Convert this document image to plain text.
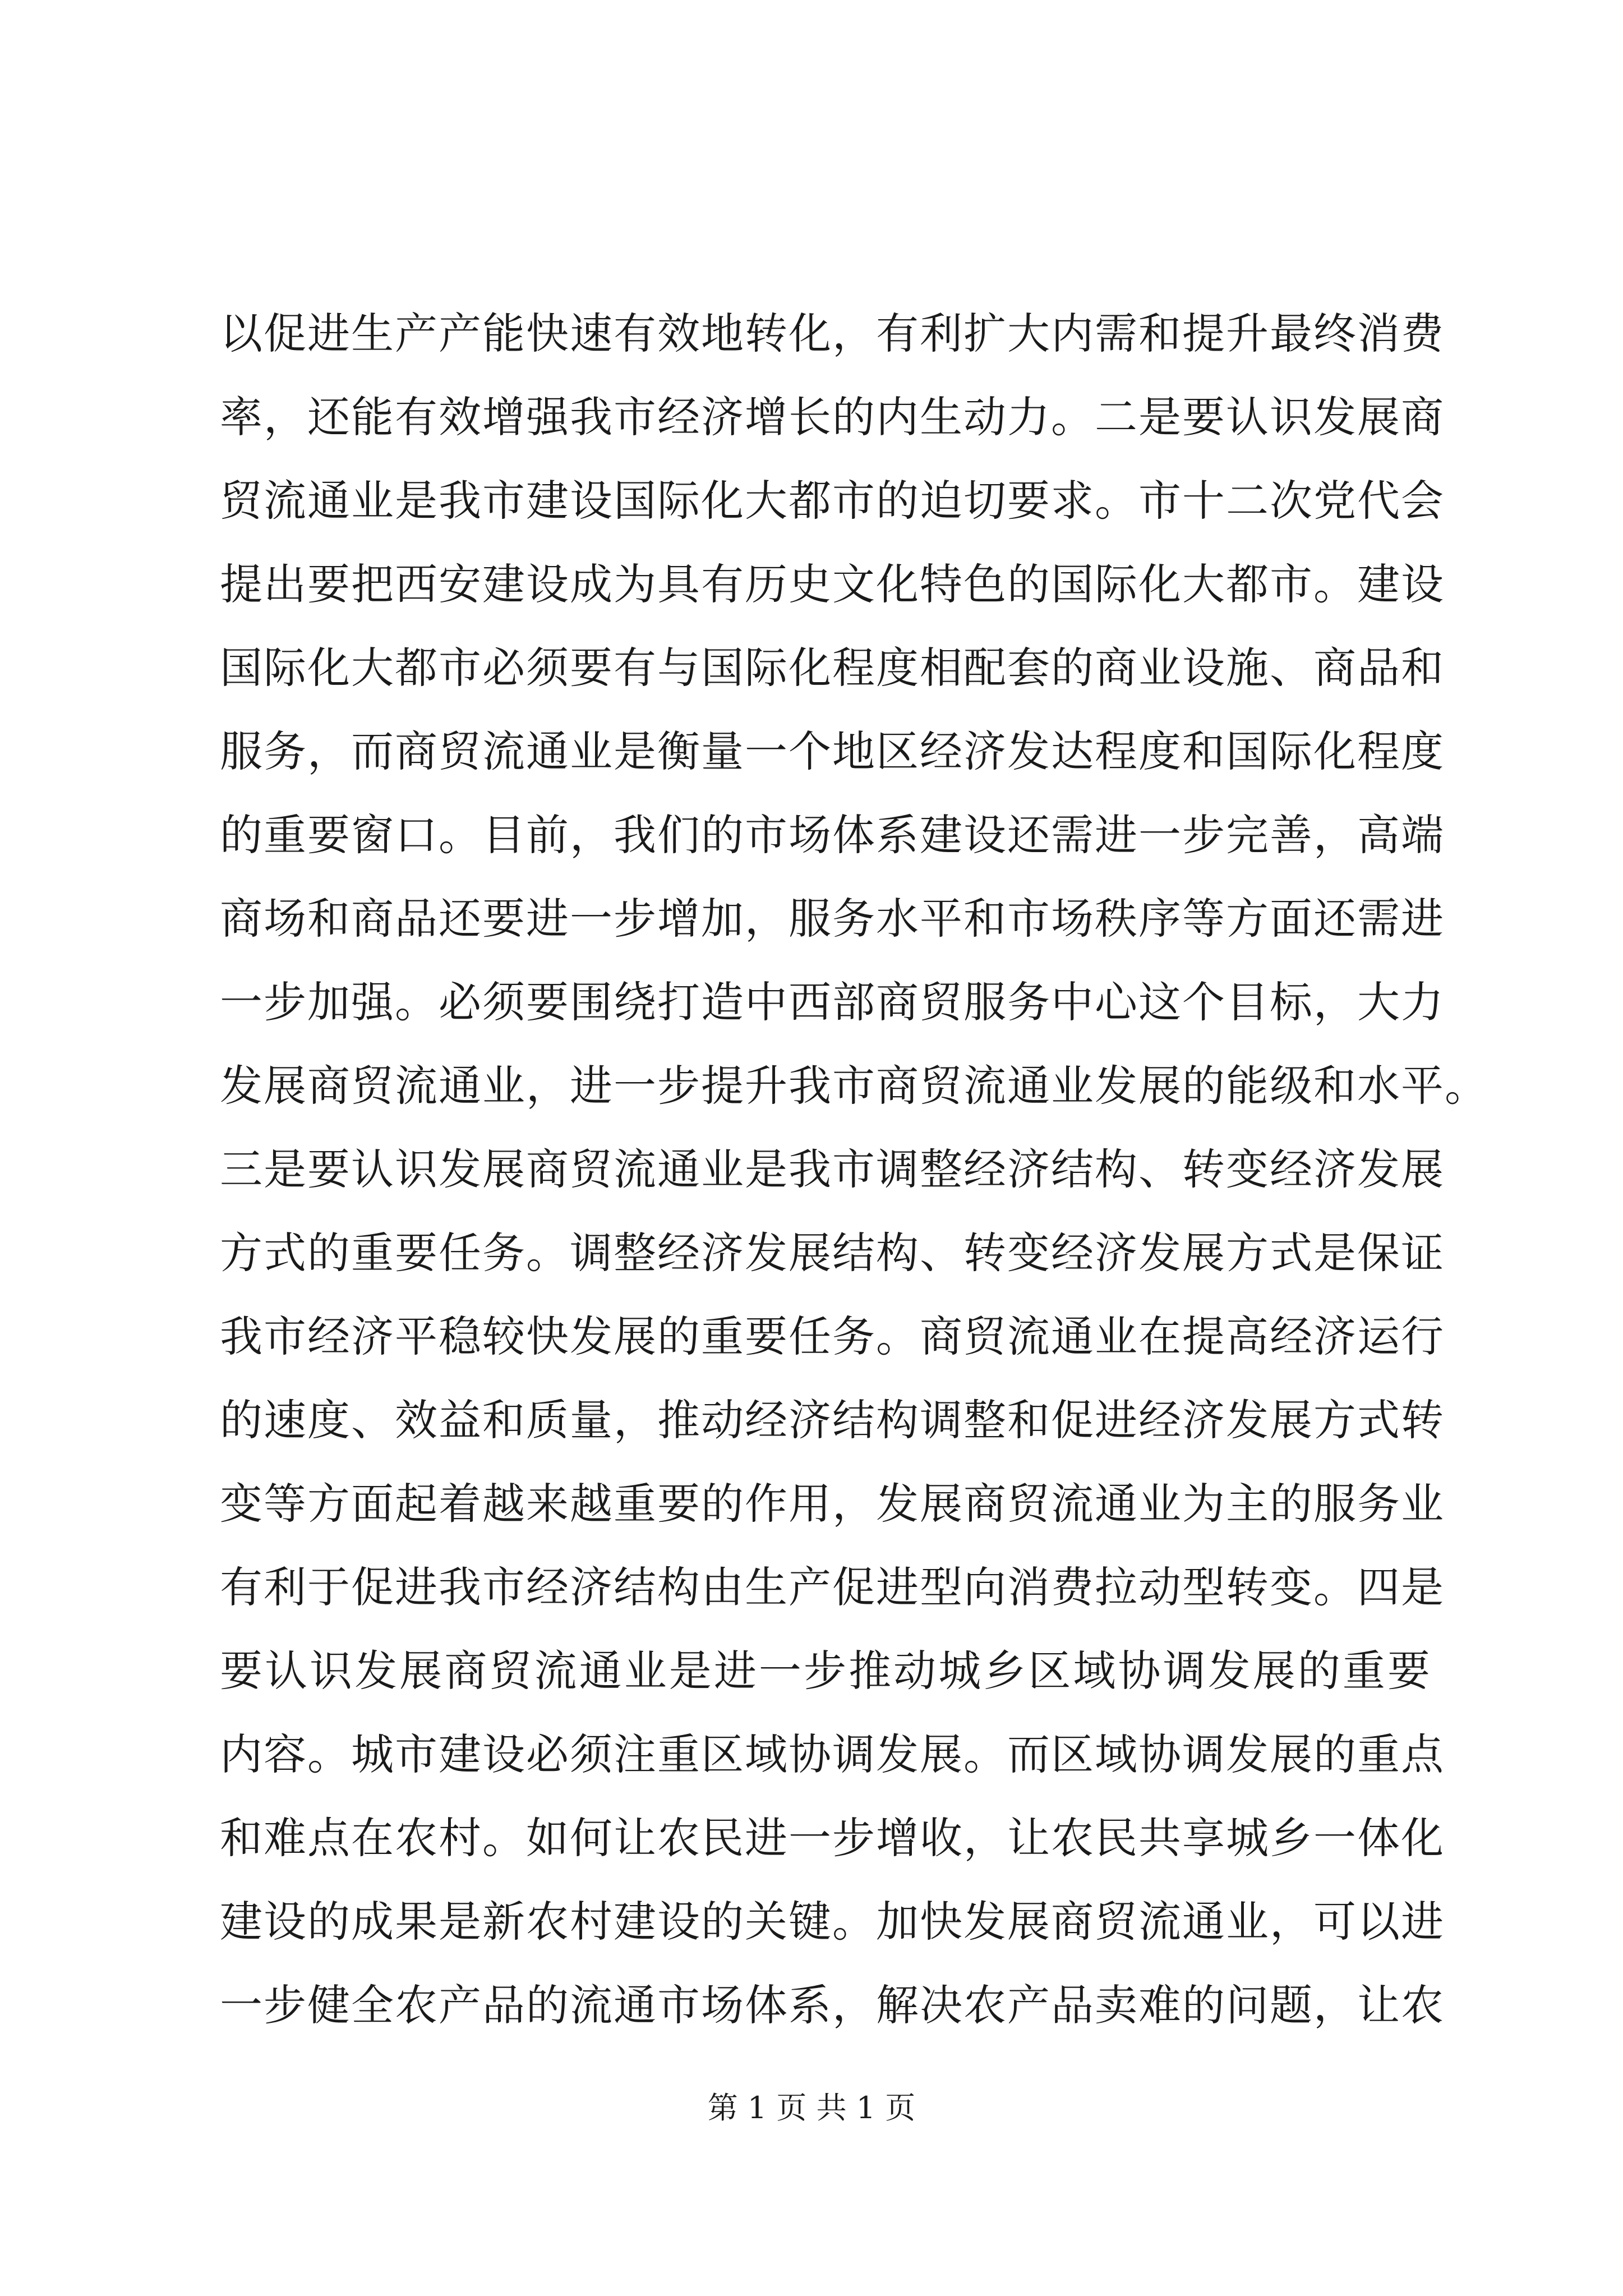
以促进生产产能快速有效地转化，有利扩大内需和提升最终消费
率，还能有效增强我市经济增长的内生动力。二是要认识发展商
贸流通业是我市建设国际化大都市的迫切要求。市十二次党代会
提出要把西安建设成为具有历史文化特色的国际化大都市。建设
国际化大都市必须要有与国际化程度相配套的商业设施、商品和
服务，而商贸流通业是衡量一个地区经济发达程度和国际化程度
的重要窗口。目前，我们的市场体系建设还需进一步完善，高端
商场和商品还要进一步增加，服务水平和市场秩序等方面还需进
一步加强。必须要围绕打造中西部商贸服务中心这个目标，大力
发展商贸流通业，进一步提升我市商贸流通业发展的能级和水平。
三是要认识发展商贸流通业是我市调整经济结构、转变经济发展
方式的重要任务。调整经济发展结构、转变经济发展方式是保证
我市经济平稳较快发展的重要任务。商贸流通业在提高经济运行
的速度、效益和质量，推动经济结构调整和促进经济发展方式转
变等方面起着越来越重要的作用，发展商贸流通业为主的服务业
有利于促进我市经济结构由生产促进型向消费拉动型转变。四是
要认识发展商贸流通业是进一步推动城乡区域协调发展的重要
内容。城市建设必须注重区域协调发展。而区域协调发展的重点
和难点在农村。如何让农民进一步增收，让农民共享城乡一体化
建设的成果是新农村建设的关键。加快发展商贸流通业，可以进
一步健全农产品的流通市场体系，解决农产品卖难的问题，让农
第 1 页 共 1 页
